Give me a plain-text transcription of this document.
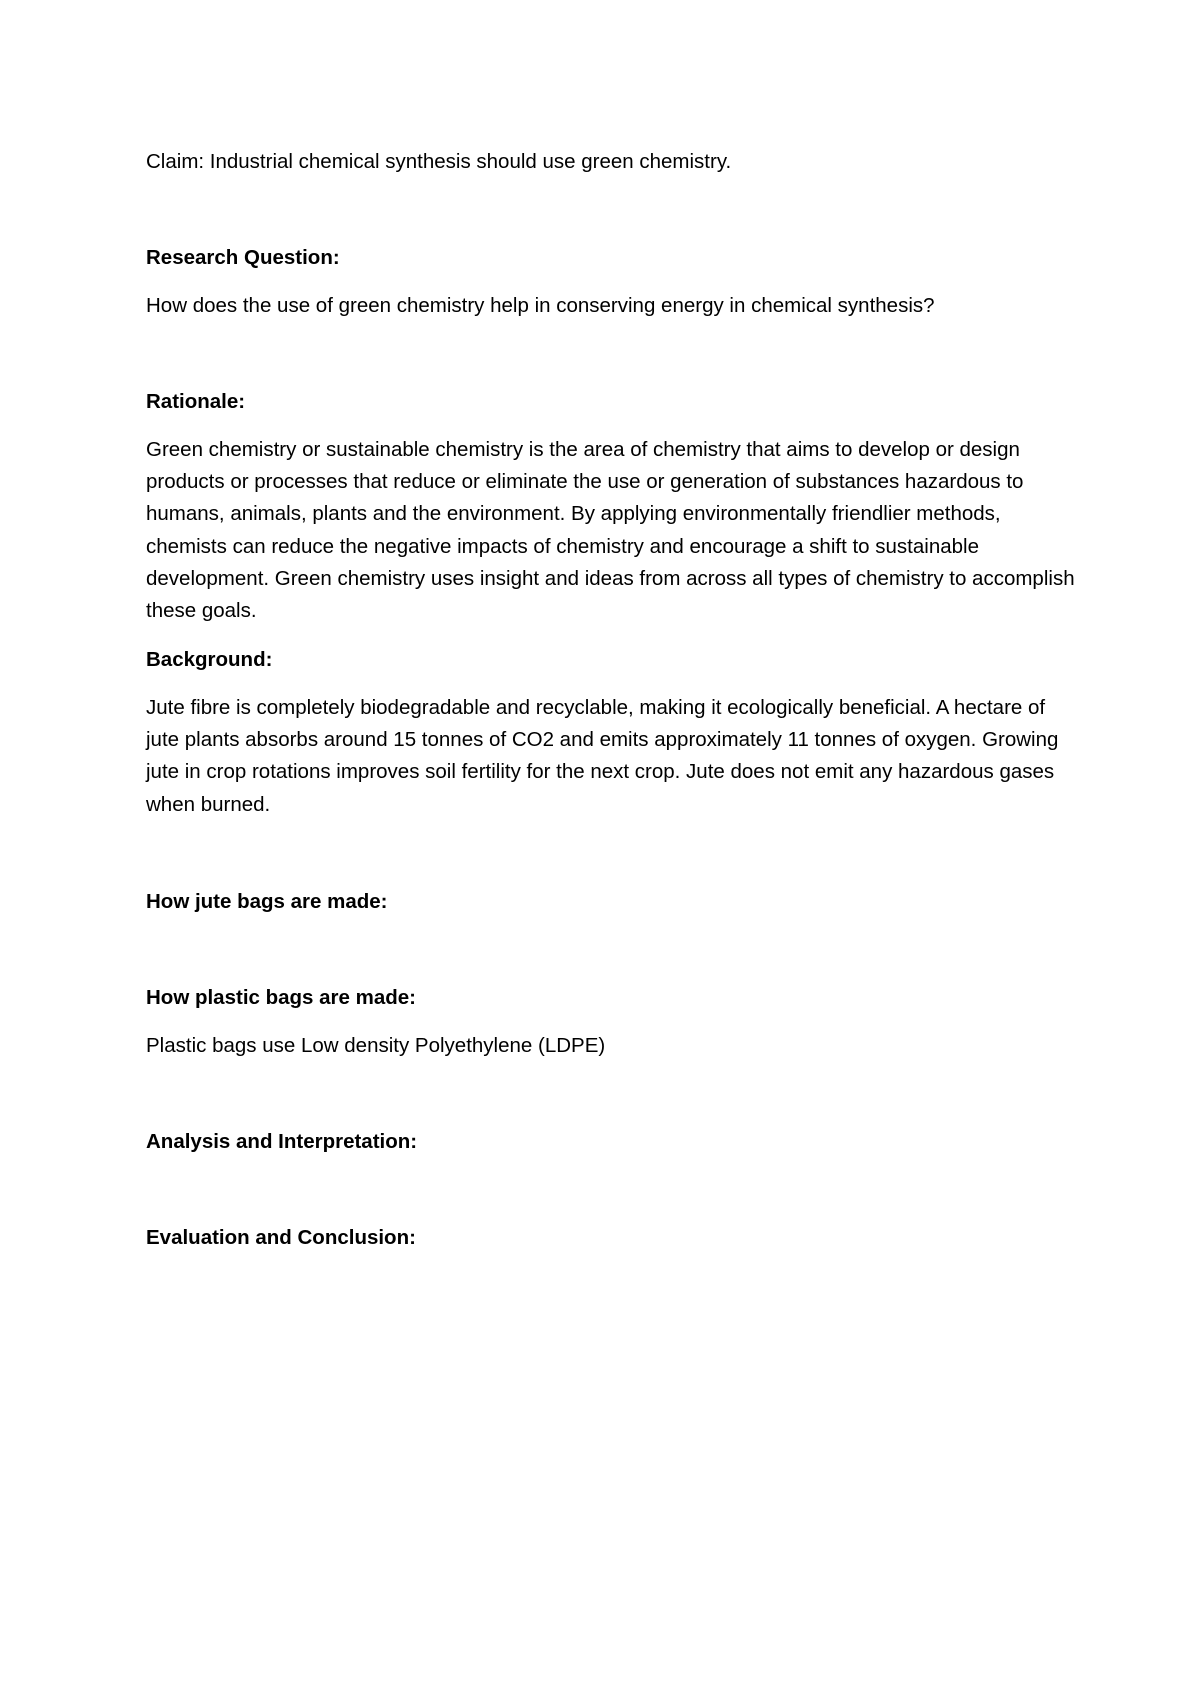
Claim: Industrial chemical synthesis should use green chemistry.
Research Question:
How does the use of green chemistry help in conserving energy in chemical synthesis?
Rationale:

Green chemistry or sustainable chemistry is the area of chemistry that aims to develop or design products or processes that reduce or eliminate the use or generation of substances hazardous to humans, animals, plants and the environment. By applying environmentally friendlier methods, chemists can reduce the negative impacts of chemistry and encourage a shift to sustainable development. Green chemistry uses insight and ideas from across all types of chemistry to accomplish these goals.

Background:

Jute fibre is completely biodegradable and recyclable, making it ecologically beneficial. A hectare of jute plants absorbs around 15 tonnes of CO2 and emits approximately 11 tonnes of oxygen. Growing jute in crop rotations improves soil fertility for the next crop. Jute does not emit any hazardous gases when burned.

How jute bags are made:
How plastic bags are made:
Plastic bags use Low density Polyethylene (LDPE)
Analysis and Interpretation:
Evaluation and Conclusion:
